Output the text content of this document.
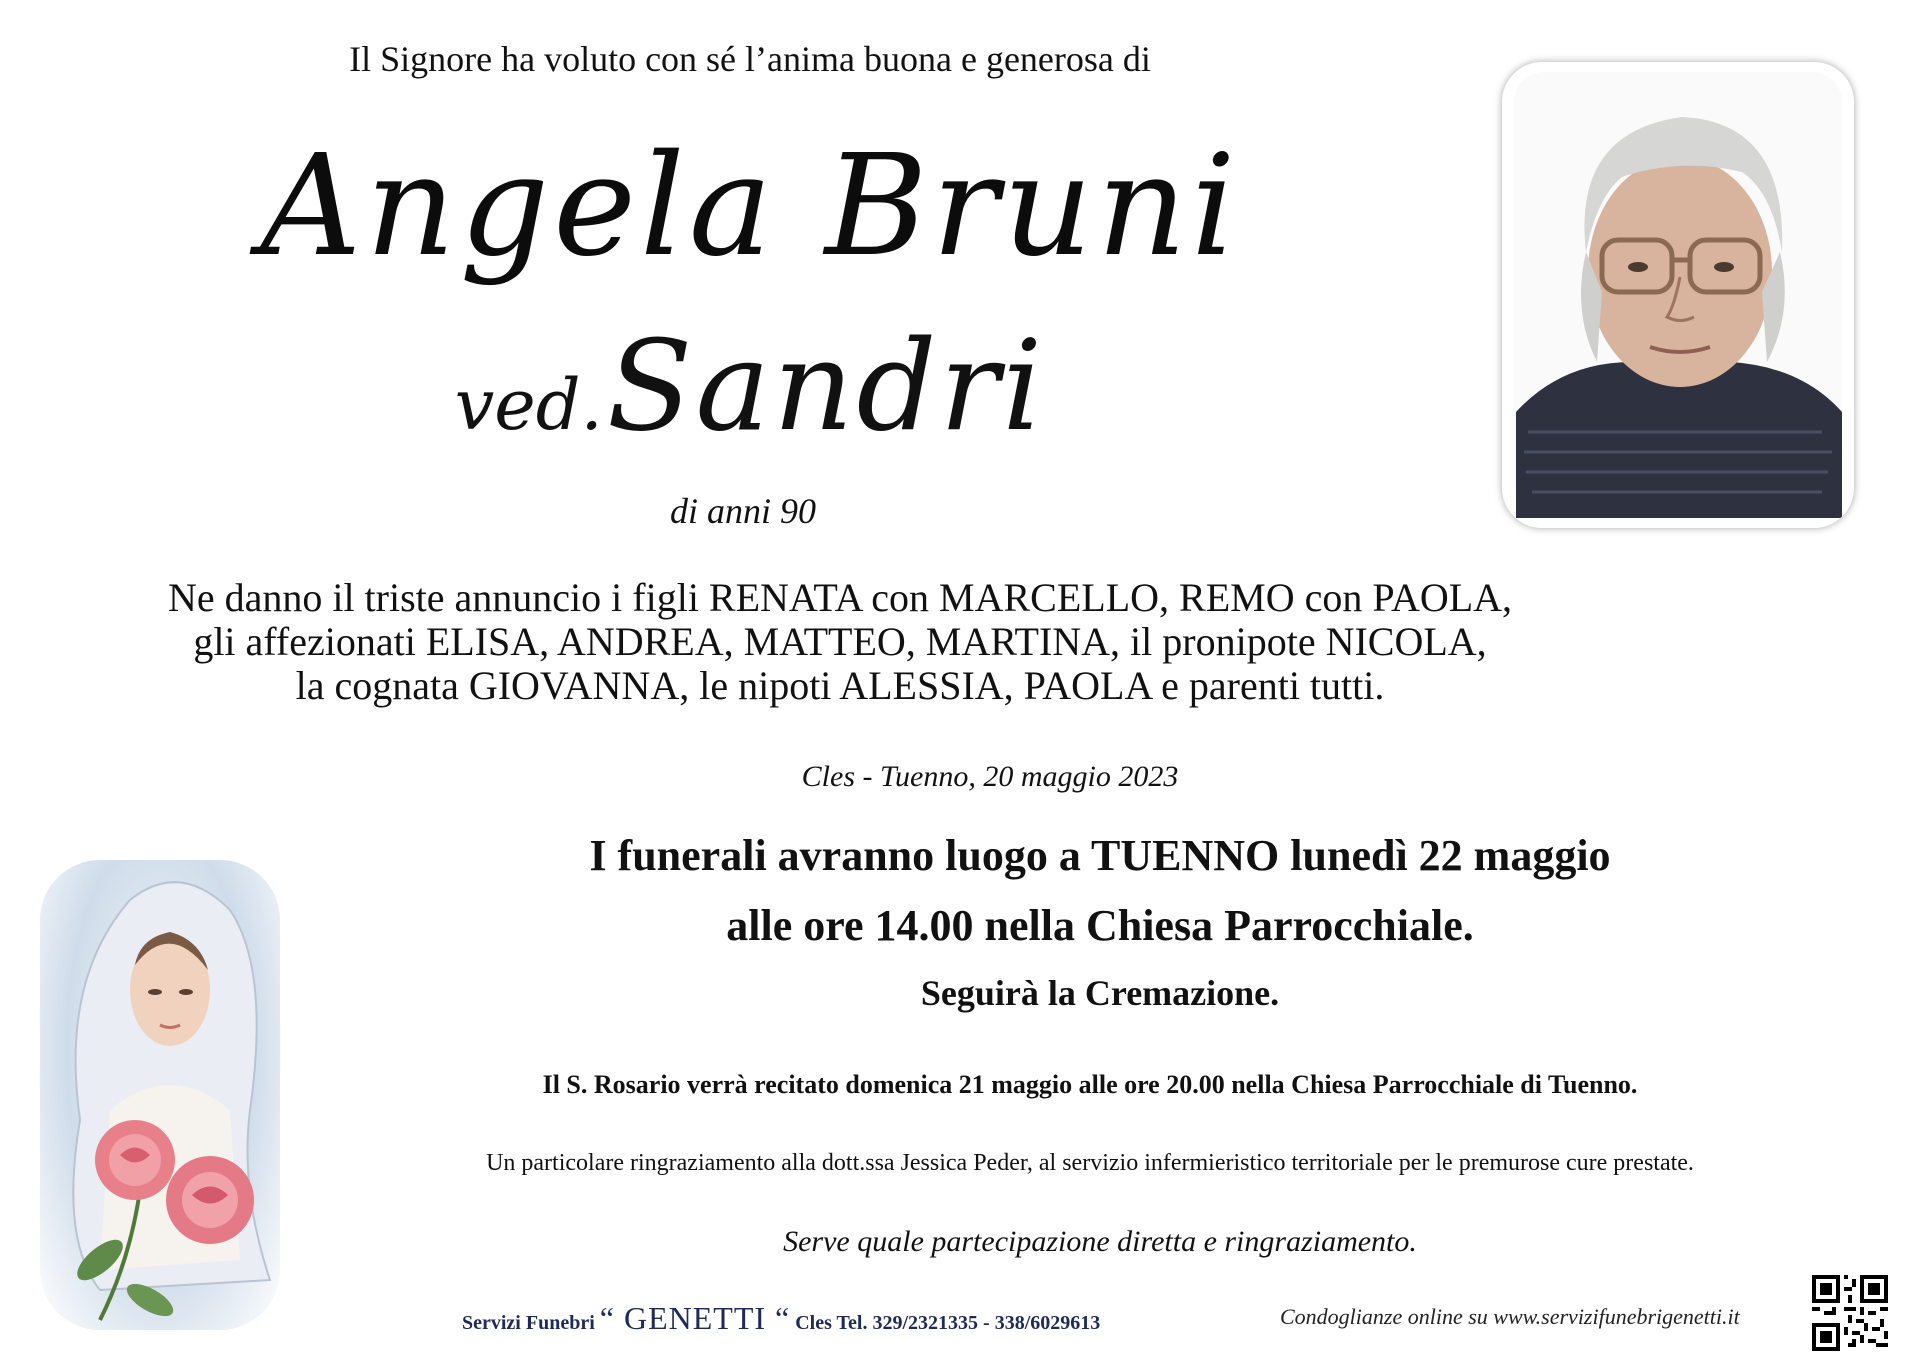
Il Signore ha voluto con sé l’anima buona e generosa di
Angela Bruni
ved. Sandri
di anni 90
Ne danno il triste annuncio i figli RENATA con MARCELLO, REMO con PAOLA,
gli affezionati ELISA, ANDREA, MATTEO, MARTINA, il pronipote NICOLA,
la cognata GIOVANNA, le nipoti ALESSIA, PAOLA e parenti tutti.
Cles - Tuenno, 20 maggio 2023
I funerali avranno luogo a TUENNO lunedì 22 maggio
alle ore 14.00 nella Chiesa Parrocchiale.
Seguirà la Cremazione.
Il S. Rosario verrà recitato domenica 21 maggio alle ore 20.00 nella Chiesa Parrocchiale di Tuenno.
Un particolare ringraziamento alla dott.ssa Jessica Peder, al servizio infermieristico territoriale per le premurose cure prestate.
Serve quale partecipazione diretta e ringraziamento.
Servizi Funebri “ GENETTI “ Cles Tel. 329/2321335 - 338/6029613	Condoglianze online su www.servizifunebrigenetti.it
